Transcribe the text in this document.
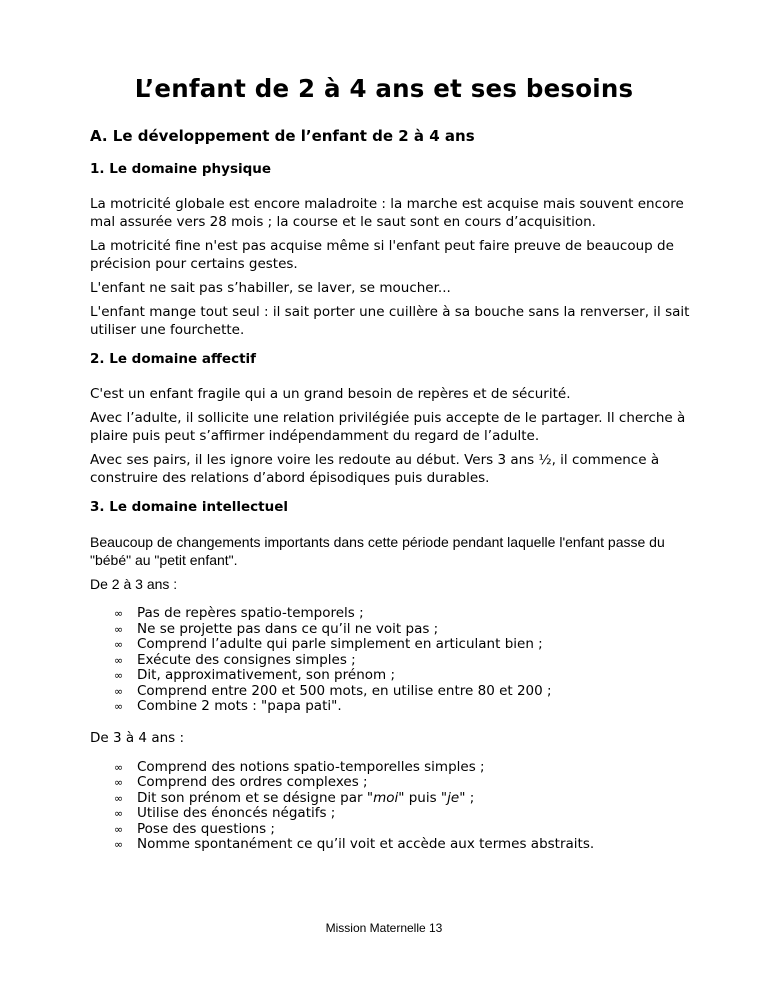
L’enfant de 2 à 4 ans et ses besoins
A. Le développement de l’enfant de 2 à 4 ans
1. Le domaine physique

La motricité globale est encore maladroite : la marche est acquise mais souvent encore mal assurée vers 28 mois ; la course et le saut sont en cours d’acquisition.

La motricité fine n'est pas acquise même si l'enfant peut faire preuve de beaucoup de précision pour certains gestes.

L'enfant ne sait pas s’habiller, se laver, se moucher...

L'enfant mange tout seul : il sait porter une cuillère à sa bouche sans la renverser, il sait utiliser une fourchette.

2. Le domaine affectif

C'est un enfant fragile qui a un grand besoin de repères et de sécurité.

Avec l’adulte, il sollicite une relation privilégiée puis accepte de le partager. Il cherche à plaire puis peut s’affirmer indépendamment du regard de l’adulte.

Avec ses pairs, il les ignore voire les redoute au début. Vers 3 ans ½, il commence à construire des relations d’abord épisodiques puis durables.

3. Le domaine intellectuel

Beaucoup de changements importants dans cette période pendant laquelle l'enfant passe du "bébé" au "petit enfant".

De 2 à 3 ans :

∞ Pas de repères spatio-temporels ;
∞ Ne se projette pas dans ce qu’il ne voit pas ;
∞ Comprend l’adulte qui parle simplement en articulant bien ;
∞ Exécute des consignes simples ;
∞ Dit, approximativement, son prénom ;
∞ Comprend entre 200 et 500 mots, en utilise entre 80 et 200 ;
∞ Combine 2 mots : "papa pati".

De 3 à 4 ans :

∞ Comprend des notions spatio-temporelles simples ;
∞ Comprend des ordres complexes ;
∞ Dit son prénom et se désigne par "moi" puis "je" ;
∞ Utilise des énoncés négatifs ;
∞ Pose des questions ;
∞ Nomme spontanément ce qu’il voit et accède aux termes abstraits.
Mission Maternelle 13
